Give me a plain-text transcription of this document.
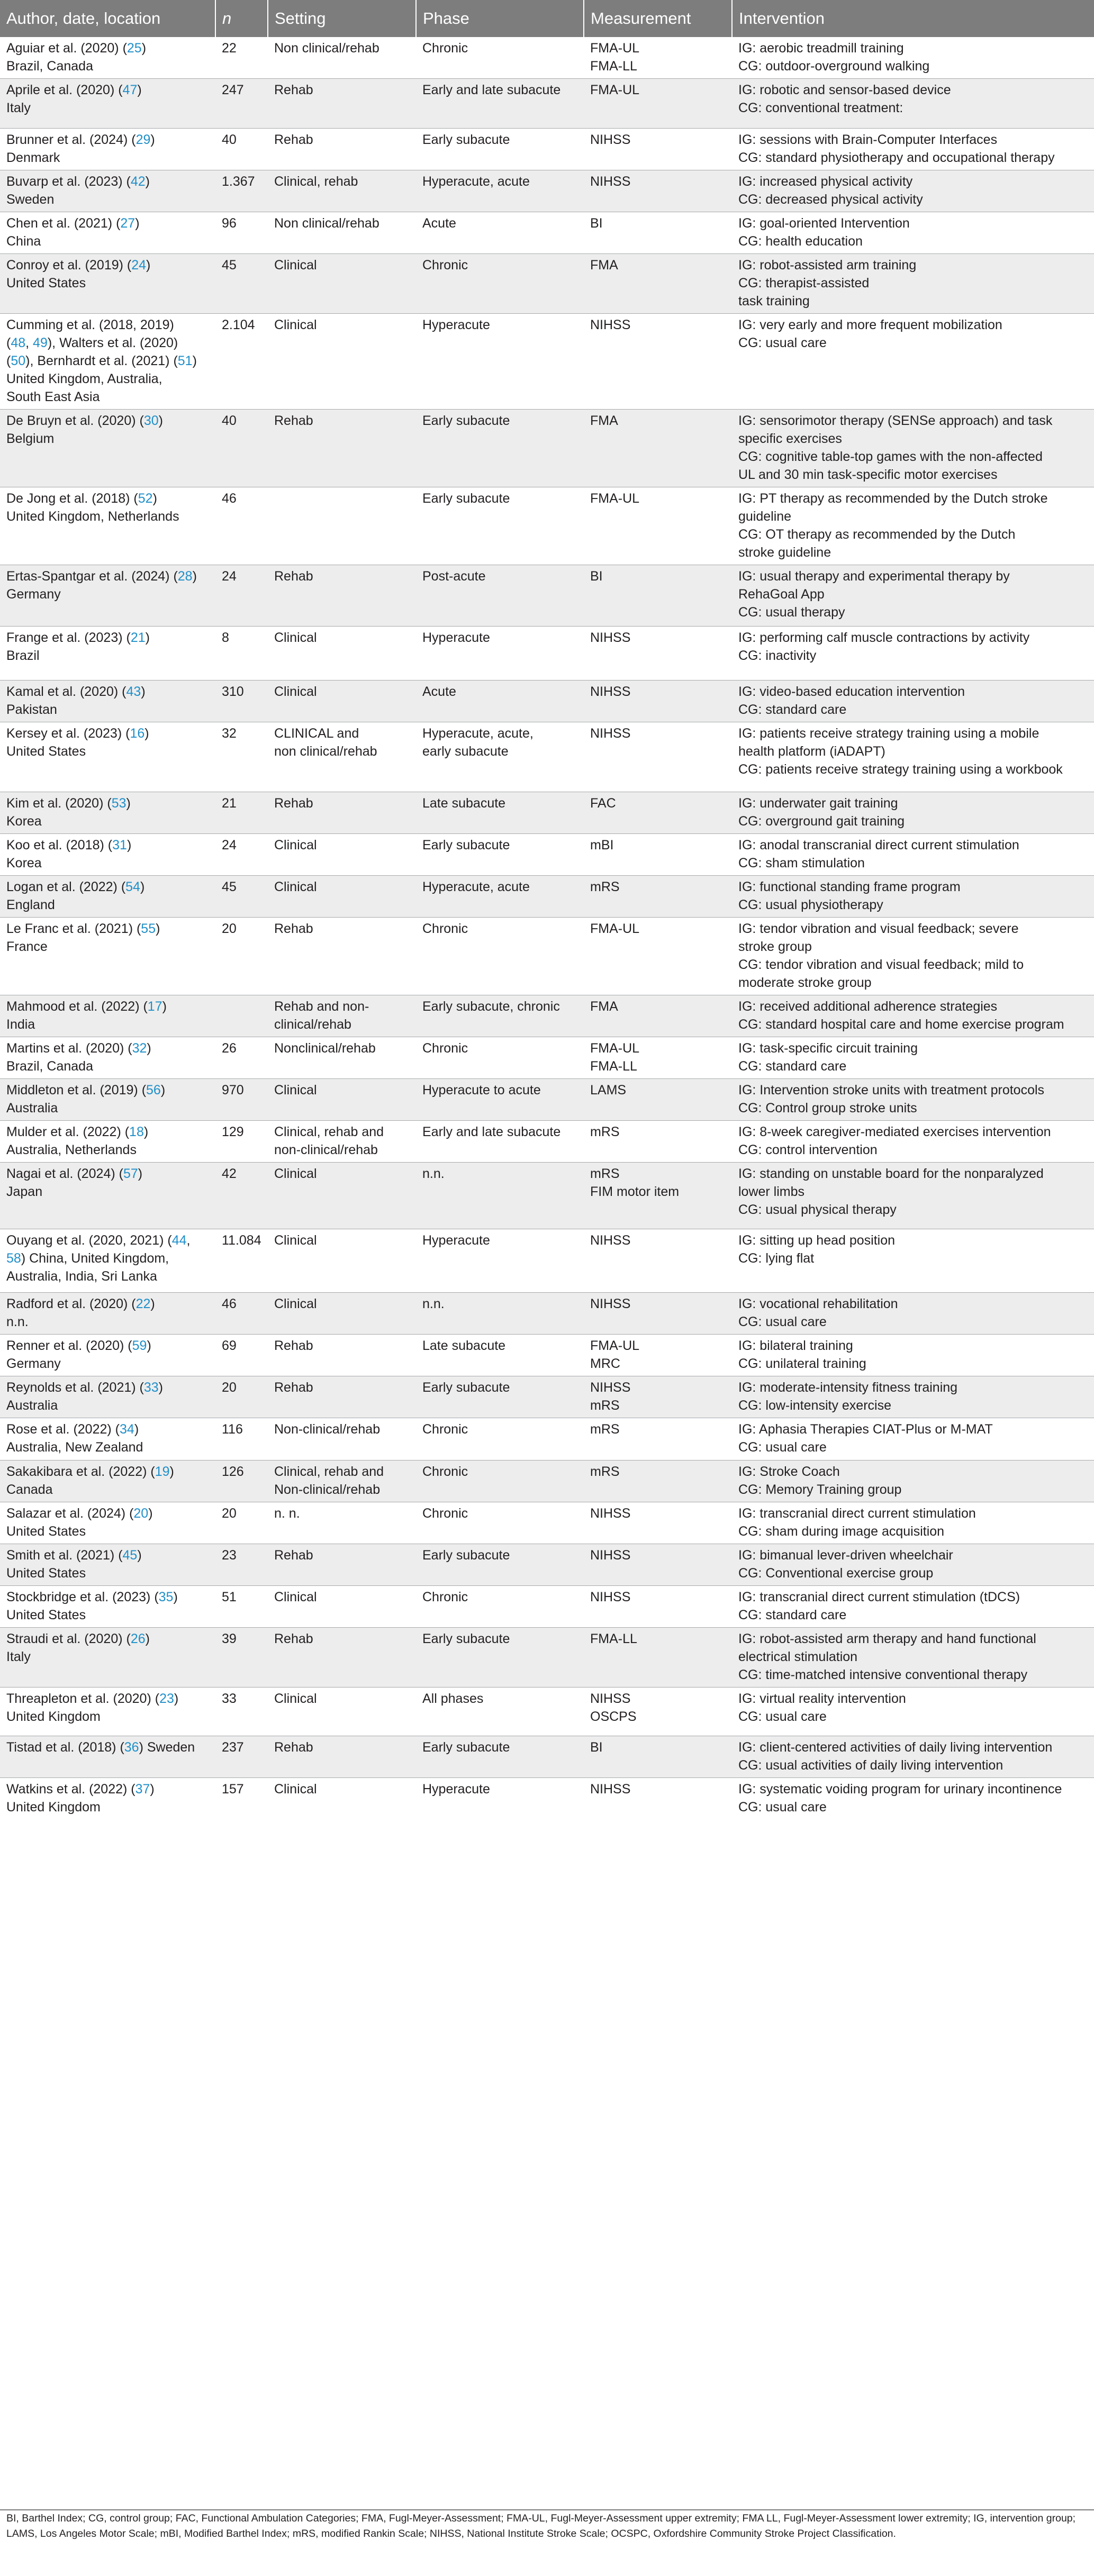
Author, date, location	n	Setting	Phase	Measurement	Intervention

Aguiar et al. (2020) (25)
Brazil, Canada	22	Non clinical/rehab	Chronic	FMA-UL
FMA-LL	IG: aerobic treadmill training
CG: outdoor-overground walking

Aprile et al. (2020) (47)
Italy	247	Rehab	Early and late subacute	FMA-UL	IG: robotic and sensor-based device
CG: conventional treatment:

Brunner et al. (2024) (29)
Denmark	40	Rehab	Early subacute	NIHSS	IG: sessions with Brain-Computer Interfaces
CG: standard physiotherapy and occupational therapy

Buvarp et al. (2023) (42)
Sweden	1.367	Clinical, rehab	Hyperacute, acute	NIHSS	IG: increased physical activity
CG: decreased physical activity

Chen et al. (2021) (27)
China	96	Non clinical/rehab	Acute	BI	IG: goal-oriented Intervention
CG: health education

Conroy et al. (2019) (24)
United States	45	Clinical	Chronic	FMA	IG: robot-assisted arm training
CG: therapist-assisted
task training

Cumming et al. (2018, 2019)
(48, 49), Walters et al. (2020)
(50), Bernhardt et al. (2021) (51)
United Kingdom, Australia,
South East Asia	2.104	Clinical	Hyperacute	NIHSS	IG: very early and more frequent mobilization
CG: usual care

De Bruyn et al. (2020) (30)
Belgium	40	Rehab	Early subacute	FMA	IG: sensorimotor therapy (SENSe approach) and task
specific exercises
CG: cognitive table-top games with the non-affected
UL and 30 min task-specific motor exercises

De Jong et al. (2018) (52)
United Kingdom, Netherlands	46		Early subacute	FMA-UL	IG: PT therapy as recommended by the Dutch stroke
guideline
CG: OT therapy as recommended by the Dutch
stroke guideline

Ertas-Spantgar et al. (2024) (28)
Germany	24	Rehab	Post-acute	BI	IG: usual therapy and experimental therapy by
RehaGoal App
CG: usual therapy

Frange et al. (2023) (21)
Brazil	8	Clinical	Hyperacute	NIHSS	IG: performing calf muscle contractions by activity
CG: inactivity

Kamal et al. (2020) (43)
Pakistan	310	Clinical	Acute	NIHSS	IG: video-based education intervention
CG: standard care

Kersey et al. (2023) (16)
United States	32	CLINICAL and
non clinical/rehab	Hyperacute, acute,
early subacute	NIHSS	IG: patients receive strategy training using a mobile
health platform (iADAPT)
CG: patients receive strategy training using a workbook

Kim et al. (2020) (53)
Korea	21	Rehab	Late subacute	FAC	IG: underwater gait training
CG: overground gait training

Koo et al. (2018) (31)
Korea	24	Clinical	Early subacute	mBI	IG: anodal transcranial direct current stimulation
CG: sham stimulation

Logan et al. (2022) (54)
England	45	Clinical	Hyperacute, acute	mRS	IG: functional standing frame program
CG: usual physiotherapy

Le Franc et al. (2021) (55)
France	20	Rehab	Chronic	FMA-UL	IG: tendor vibration and visual feedback; severe
stroke group
CG: tendor vibration and visual feedback; mild to
moderate stroke group

Mahmood et al. (2022) (17)
India		Rehab and non-
clinical/rehab	Early subacute, chronic	FMA	IG: received additional adherence strategies
CG: standard hospital care and home exercise program

Martins et al. (2020) (32)
Brazil, Canada	26	Nonclinical/rehab	Chronic	FMA-UL
FMA-LL	IG: task-specific circuit training
CG: standard care

Middleton et al. (2019) (56)
Australia	970	Clinical	Hyperacute to acute	LAMS	IG: Intervention stroke units with treatment protocols
CG: Control group stroke units

Mulder et al. (2022) (18)
Australia, Netherlands	129	Clinical, rehab and
non-clinical/rehab	Early and late subacute	mRS	IG: 8-week caregiver-mediated exercises intervention
CG: control intervention

Nagai et al. (2024) (57)
Japan	42	Clinical	n.n.	mRS
FIM motor item	IG: standing on unstable board for the nonparalyzed
lower limbs
CG: usual physical therapy

Ouyang et al. (2020, 2021) (44,
58) China, United Kingdom,
Australia, India, Sri Lanka	11.084	Clinical	Hyperacute	NIHSS	IG: sitting up head position
CG: lying flat

Radford et al. (2020) (22)
n.n.	46	Clinical	n.n.	NIHSS	IG: vocational rehabilitation
CG: usual care

Renner et al. (2020) (59)
Germany	69	Rehab	Late subacute	FMA-UL
MRC	IG: bilateral training
CG: unilateral training

Reynolds et al. (2021) (33)
Australia	20	Rehab	Early subacute	NIHSS
mRS	IG: moderate-intensity fitness training
CG: low-intensity exercise

Rose et al. (2022) (34)
Australia, New Zealand	116	Non-clinical/rehab	Chronic	mRS	IG: Aphasia Therapies CIAT-Plus or M-MAT
CG: usual care

Sakakibara et al. (2022) (19)
Canada	126	Clinical, rehab and
Non-clinical/rehab	Chronic	mRS	IG: Stroke Coach
CG: Memory Training group

Salazar et al. (2024) (20)
United States	20	n. n.	Chronic	NIHSS	IG: transcranial direct current stimulation
CG: sham during image acquisition

Smith et al. (2021) (45)
United States	23	Rehab	Early subacute	NIHSS	IG: bimanual lever-driven wheelchair
CG: Conventional exercise group

Stockbridge et al. (2023) (35)
United States	51	Clinical	Chronic	NIHSS	IG: transcranial direct current stimulation (tDCS)
CG: standard care

Straudi et al. (2020) (26)
Italy	39	Rehab	Early subacute	FMA-LL	IG: robot-assisted arm therapy and hand functional
electrical stimulation
CG: time-matched intensive conventional therapy

Threapleton et al. (2020) (23)
United Kingdom	33	Clinical	All phases	NIHSS
OSCPS	IG: virtual reality intervention
CG: usual care

Tistad et al. (2018) (36) Sweden	237	Rehab	Early subacute	BI	IG: client-centered activities of daily living intervention
CG: usual activities of daily living intervention

Watkins et al. (2022) (37)
United Kingdom	157	Clinical	Hyperacute	NIHSS	IG: systematic voiding program for urinary incontinence
CG: usual care
BI, Barthel Index; CG, control group; FAC, Functional Ambulation Categories; FMA, Fugl-Meyer-Assessment; FMA-UL, Fugl-Meyer-Assessment upper extremity; FMA LL, Fugl-Meyer-Assessment lower extremity; IG, intervention group; LAMS, Los Angeles Motor Scale; mBI, Modified Barthel Index; mRS, modified Rankin Scale; NIHSS, National Institute Stroke Scale; OCSPC, Oxfordshire Community Stroke Project Classification.
